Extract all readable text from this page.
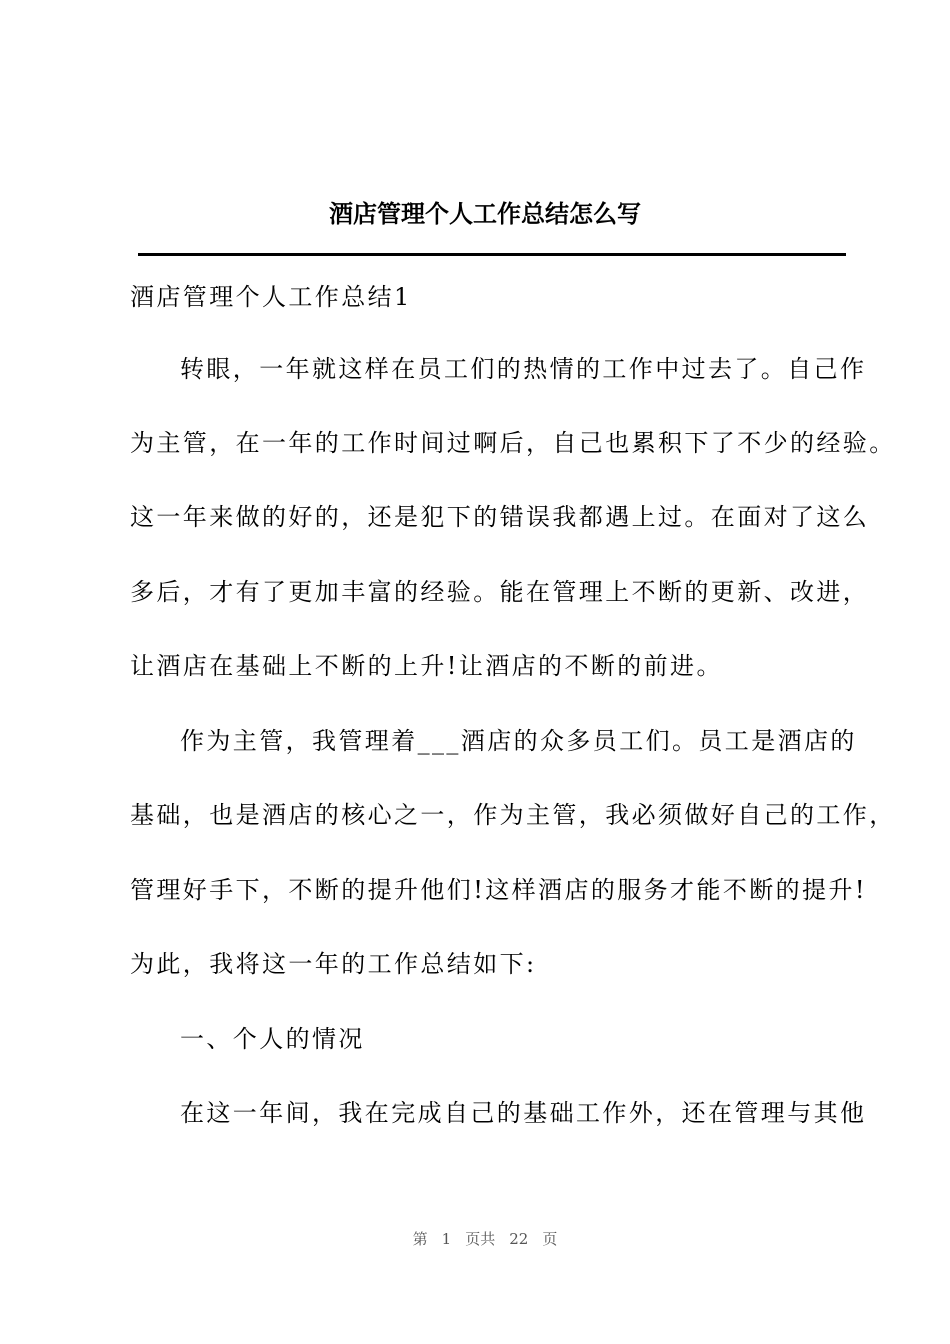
酒店管理个人工作总结怎么写
酒店管理个人工作总结1
转眼，一年就这样在员工们的热情的工作中过去了。自己作
为主管，在一年的工作时间过啊后，自己也累积下了不少的经验。
这一年来做的好的，还是犯下的错误我都遇上过。在面对了这么
多后，才有了更加丰富的经验。能在管理上不断的更新、改进，
让酒店在基础上不断的上升!让酒店的不断的前进。
作为主管，我管理着___酒店的众多员工们。员工是酒店的
基础，也是酒店的核心之一，作为主管，我必须做好自己的工作，
管理好手下，不断的提升他们!这样酒店的服务才能不断的提升!
为此，我将这一年的工作总结如下:
一、个人的情况
在这一年间，我在完成自己的基础工作外，还在管理与其他
第 1 页共 22 页
